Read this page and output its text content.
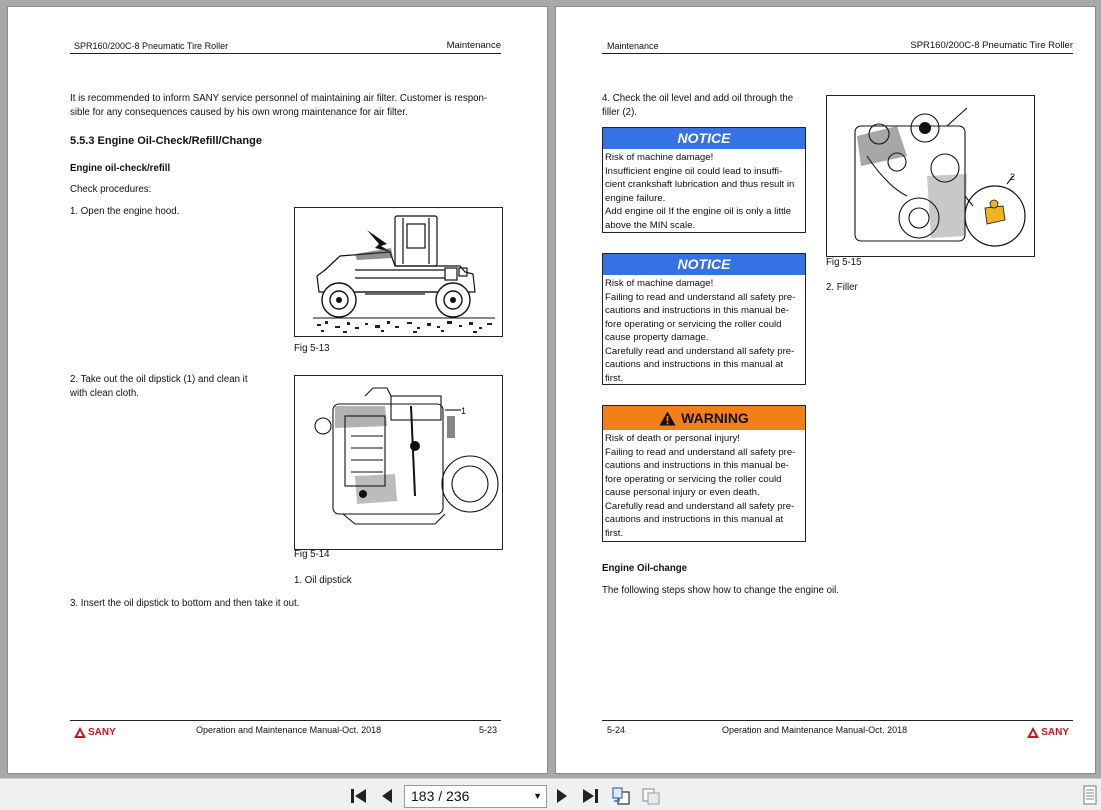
SPR160/200C-8 Pneumatic Tire Roller	Maintenance
It is recommended to inform SANY service personnel of maintaining air filter. Customer is respon-
sible for any consequences caused by his own wrong maintenance for air filter.
5.5.3 Engine Oil-Check/Refill/Change
Engine oil-check/refill
Check procedures:
1. Open the engine hood.
Fig 5-13
2. Take out the oil dipstick (1) and clean it
with clean cloth.
1
Fig 5-14
1. Oil dipstick
3. Insert the oil dipstick to bottom and then take it out.
SANY	Operation and Maintenance Manual-Oct. 2018	5-23
Maintenance	SPR160/200C-8 Pneumatic Tire Roller
4. Check the oil level and add oil through the
filler (2).
NOTICE
Risk of machine damage!
Insufficient engine oil could lead to insuffi-
cient crankshaft lubrication and thus result in
engine failure.
Add engine oil If the engine oil is only a little
above the MIN scale.
NOTICE
Risk of machine damage!
Failing to read and understand all safety pre-
cautions and instructions in this manual be-
fore operating or servicing the roller could
cause property damage.
Carefully read and understand all safety pre-
cautions and instructions in this manual at
first.
WARNING
Risk of death or personal injury!
Failing to read and understand all safety pre-
cautions and instructions in this manual be-
fore operating or servicing the roller could
cause personal injury or even death.
Carefully read and understand all safety pre-
cautions and instructions in this manual at
first.
2
Fig 5-15
2. Filler
Engine Oil-change
The following steps show how to change the engine oil.
5-24	Operation and Maintenance Manual-Oct. 2018	SANY
183 / 236	▼
